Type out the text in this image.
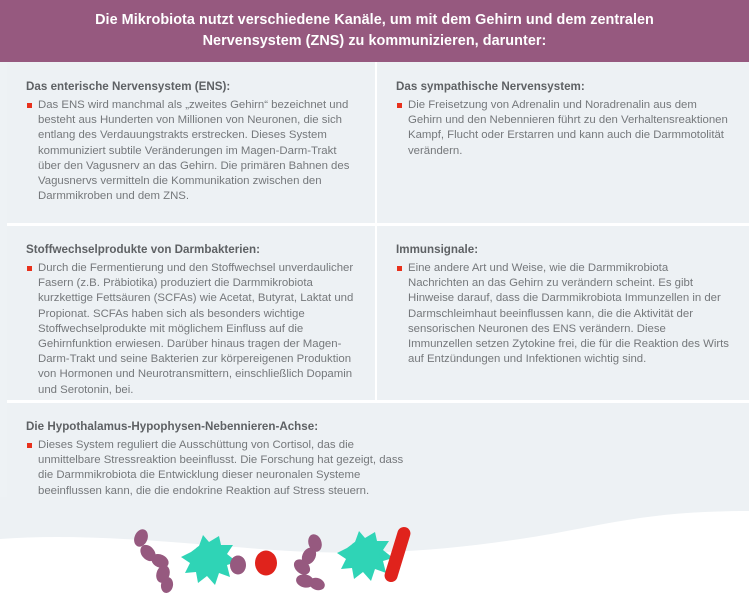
Die Mikrobiota nutzt verschiedene Kanäle, um mit dem Gehirn und dem zentralen Nervensystem (ZNS) zu kommunizieren, darunter:

Das enterische Nervensystem (ENS):

Das ENS wird manchmal als „zweites Gehirn“ bezeichnet und besteht aus Hunderten von Millionen von Neuronen, die sich entlang des Verdauungstrakts erstrecken. Dieses System kommuniziert subtile Veränderungen im Magen-Darm-Trakt über den Vagusnerv an das Gehirn. Die primären Bahnen des Vagusnervs vermitteln die Kommunikation zwischen den Darmmikroben und dem ZNS.

Das sympathische Nervensystem:

Die Freisetzung von Adrenalin und Noradrenalin aus dem Gehirn und den Nebennieren führt zu den Verhaltensreaktionen Kampf, Flucht oder Erstarren und kann auch die Darmmotolität verändern.

Stoffwechselprodukte von Darmbakterien:

Durch die Fermentierung und den Stoffwechsel unverdaulicher Fasern (z.B. Präbiotika) produziert die Darmmikrobiota kurzkettige Fettsäuren (SCFAs) wie Acetat, Butyrat, Laktat und Propionat. SCFAs haben sich als besonders wichtige Stoffwechselprodukte mit möglichem Einfluss auf die Gehirnfunktion erwiesen. Darüber hinaus tragen der Magen-Darm-Trakt und seine Bakterien zur körpereigenen Produktion von Hormonen und Neurotransmittern, einschließlich Dopamin und Serotonin, bei.

Immunsignale:

Eine andere Art und Weise, wie die Darmmikrobiota Nachrichten an das Gehirn zu verändern scheint. Es gibt Hinweise darauf, dass die Darmmikrobiota Immunzellen in der Darmschleimhaut beeinflussen kann, die die Aktivität der sensorischen Neuronen des ENS verändern. Diese Immunzellen setzen Zytokine frei, die für die Reaktion des Wirts auf Entzündungen und Infektionen wichtig sind.

Die Hypothalamus-Hypophysen-Nebennieren-Achse:

Dieses System reguliert die Ausschüttung von Cortisol, das die unmittelbare Stressreaktion beeinflusst. Die Forschung hat gezeigt, dass die Darmmikrobiota die Entwicklung dieser neuronalen Systeme beeinflussen kann, die die endokrine Reaktion auf Stress steuern.
